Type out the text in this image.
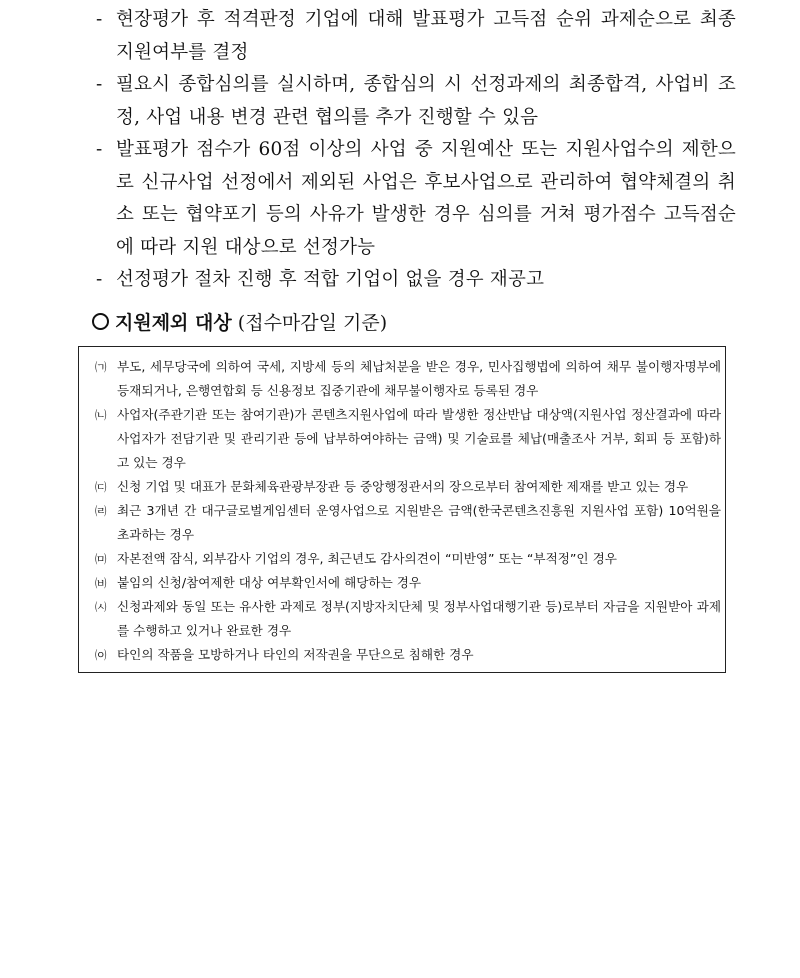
- 현장평가 후 적격판정 기업에 대해 발표평가 고득점 순위 과제순으로 최종 지원여부를 결정
- 필요시 종합심의를 실시하며, 종합심의 시 선정과제의 최종합격, 사업비 조정, 사업 내용 변경 관련 협의를 추가 진행할 수 있음
- 발표평가 점수가 60점 이상의 사업 중 지원예산 또는 지원사업수의 제한으로 신규사업 선정에서 제외된 사업은 후보사업으로 관리하여 협약체결의 취소 또는 협약포기 등의 사유가 발생한 경우 심의를 거쳐 평가점수 고득점순에 따라 지원 대상으로 선정가능
- 선정평가 절차 진행 후 적합 기업이 없을 경우 재공고
지원제외 대상 (접수마감일 기준)
㈀ 부도, 세무당국에 의하여 국세, 지방세 등의 체납처분을 받은 경우, 민사집행법에 의하여 채무 불이행자명부에 등재되거나, 은행연합회 등 신용정보 집중기관에 채무불이행자로 등록된 경우
㈁ 사업자(주관기관 또는 참여기관)가 콘텐츠지원사업에 따라 발생한 정산반납 대상액(지원사업 정산결과에 따라 사업자가 전담기관 및 관리기관 등에 납부하여야하는 금액) 및 기술료를 체납(매출조사 거부, 회피 등 포함)하고 있는 경우
㈂ 신청 기업 및 대표가 문화체육관광부장관 등 중앙행정관서의 장으로부터 참여제한 제재를 받고 있는 경우
㈃ 최근 3개년 간 대구글로벌게임센터 운영사업으로 지원받은 금액(한국콘텐츠진흥원 지원사업 포함) 10억원을 초과하는 경우
㈄ 자본전액 잠식, 외부감사 기업의 경우, 최근년도 감사의견이 “미반영” 또는 “부적정”인 경우
㈅ 붙임의 신청/참여제한 대상 여부확인서에 해당하는 경우
㈆ 신청과제와 동일 또는 유사한 과제로 정부(지방자치단체 및 정부사업대행기관 등)로부터 자금을 지원받아 과제를 수행하고 있거나 완료한 경우
㈇ 타인의 작품을 모방하거나 타인의 저작권을 무단으로 침해한 경우
